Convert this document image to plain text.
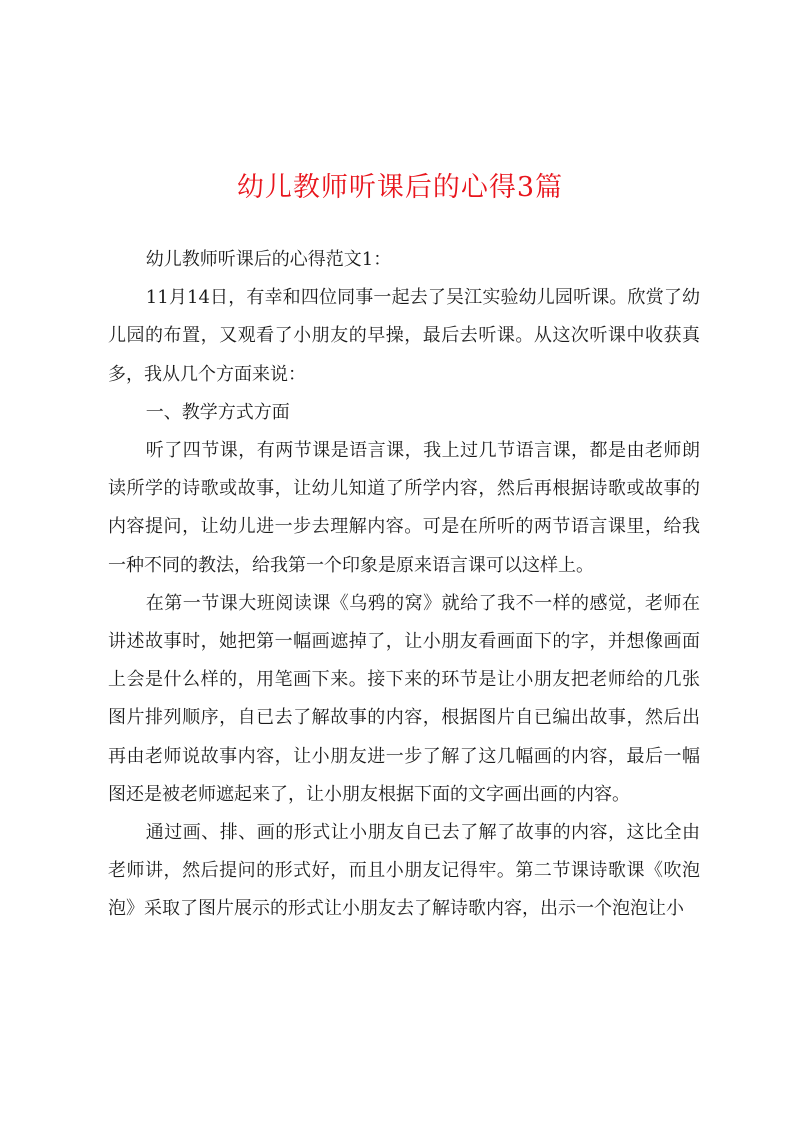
幼儿教师听课后的心得3篇

幼儿教师听课后的心得范文1：

11月14日，有幸和四位同事一起去了吴江实验幼儿园听课。欣赏了幼儿园的布置，又观看了小朋友的早操，最后去听课。从这次听课中收获真多，我从几个方面来说：

一、教学方式方面

听了四节课，有两节课是语言课，我上过几节语言课，都是由老师朗读所学的诗歌或故事，让幼儿知道了所学内容，然后再根据诗歌或故事的内容提问，让幼儿进一步去理解内容。可是在所听的两节语言课里，给我一种不同的教法，给我第一个印象是原来语言课可以这样上。

在第一节课大班阅读课《乌鸦的窝》就给了我不一样的感觉，老师在讲述故事时，她把第一幅画遮掉了，让小朋友看画面下的字，并想像画面上会是什么样的，用笔画下来。接下来的环节是让小朋友把老师给的几张图片排列顺序，自已去了解故事的内容，根据图片自已编出故事，然后出再由老师说故事内容，让小朋友进一步了解了这几幅画的内容，最后一幅图还是被老师遮起来了，让小朋友根据下面的文字画出画的内容。

通过画、排、画的形式让小朋友自已去了解了故事的内容，这比全由老师讲，然后提问的形式好，而且小朋友记得牢。第二节课诗歌课《吹泡泡》采取了图片展示的形式让小朋友去了解诗歌内容，出示一个泡泡让小
